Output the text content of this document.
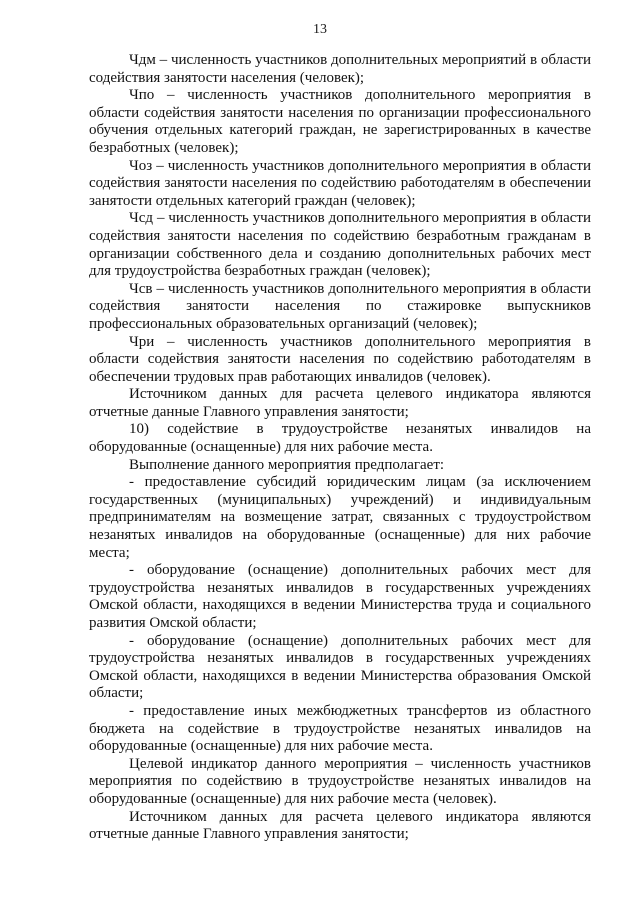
13

Чдм – численность участников дополнительных мероприятий в области содействия занятости населения (человек);

Чпо – численность участников дополнительного мероприятия в области содействия занятости населения по организации профессионального обучения отдельных категорий граждан, не зарегистрированных в качестве безработных (человек);

Чоз – численность участников дополнительного мероприятия в области содействия занятости населения по содействию работодателям в обеспечении занятости отдельных категорий граждан (человек);

Чсд – численность участников дополнительного мероприятия в области содействия занятости населения по содействию безработным гражданам в организации собственного дела и созданию дополнительных рабочих мест для трудоустройства безработных граждан (человек);

Чсв – численность участников дополнительного мероприятия в области содействия занятости населения по стажировке выпускников профессиональных образовательных организаций (человек);

Чри – численность участников дополнительного мероприятия в области содействия занятости населения по содействию работодателям в обеспечении трудовых прав работающих инвалидов (человек).

Источником данных для расчета целевого индикатора являются отчетные данные Главного управления занятости;

10) содействие в трудоустройстве незанятых инвалидов на оборудованные (оснащенные) для них рабочие места.

Выполнение данного мероприятия предполагает:

- предоставление субсидий юридическим лицам (за исключением государственных (муниципальных) учреждений) и индивидуальным предпринимателям на возмещение затрат, связанных с трудоустройством незанятых инвалидов на оборудованные (оснащенные) для них рабочие места;

- оборудование (оснащение) дополнительных рабочих мест для трудоустройства незанятых инвалидов в государственных учреждениях Омской области, находящихся в ведении Министерства труда и социального развития Омской области;

- оборудование (оснащение) дополнительных рабочих мест для трудоустройства незанятых инвалидов в государственных учреждениях Омской области, находящихся в ведении Министерства образования Омской области;

- предоставление иных межбюджетных трансфертов из областного бюджета на содействие в трудоустройстве незанятых инвалидов на оборудованные (оснащенные) для них рабочие места.

Целевой индикатор данного мероприятия – численность участников мероприятия по содействию в трудоустройстве незанятых инвалидов на оборудованные (оснащенные) для них рабочие места (человек).

Источником данных для расчета целевого индикатора являются отчетные данные Главного управления занятости;
